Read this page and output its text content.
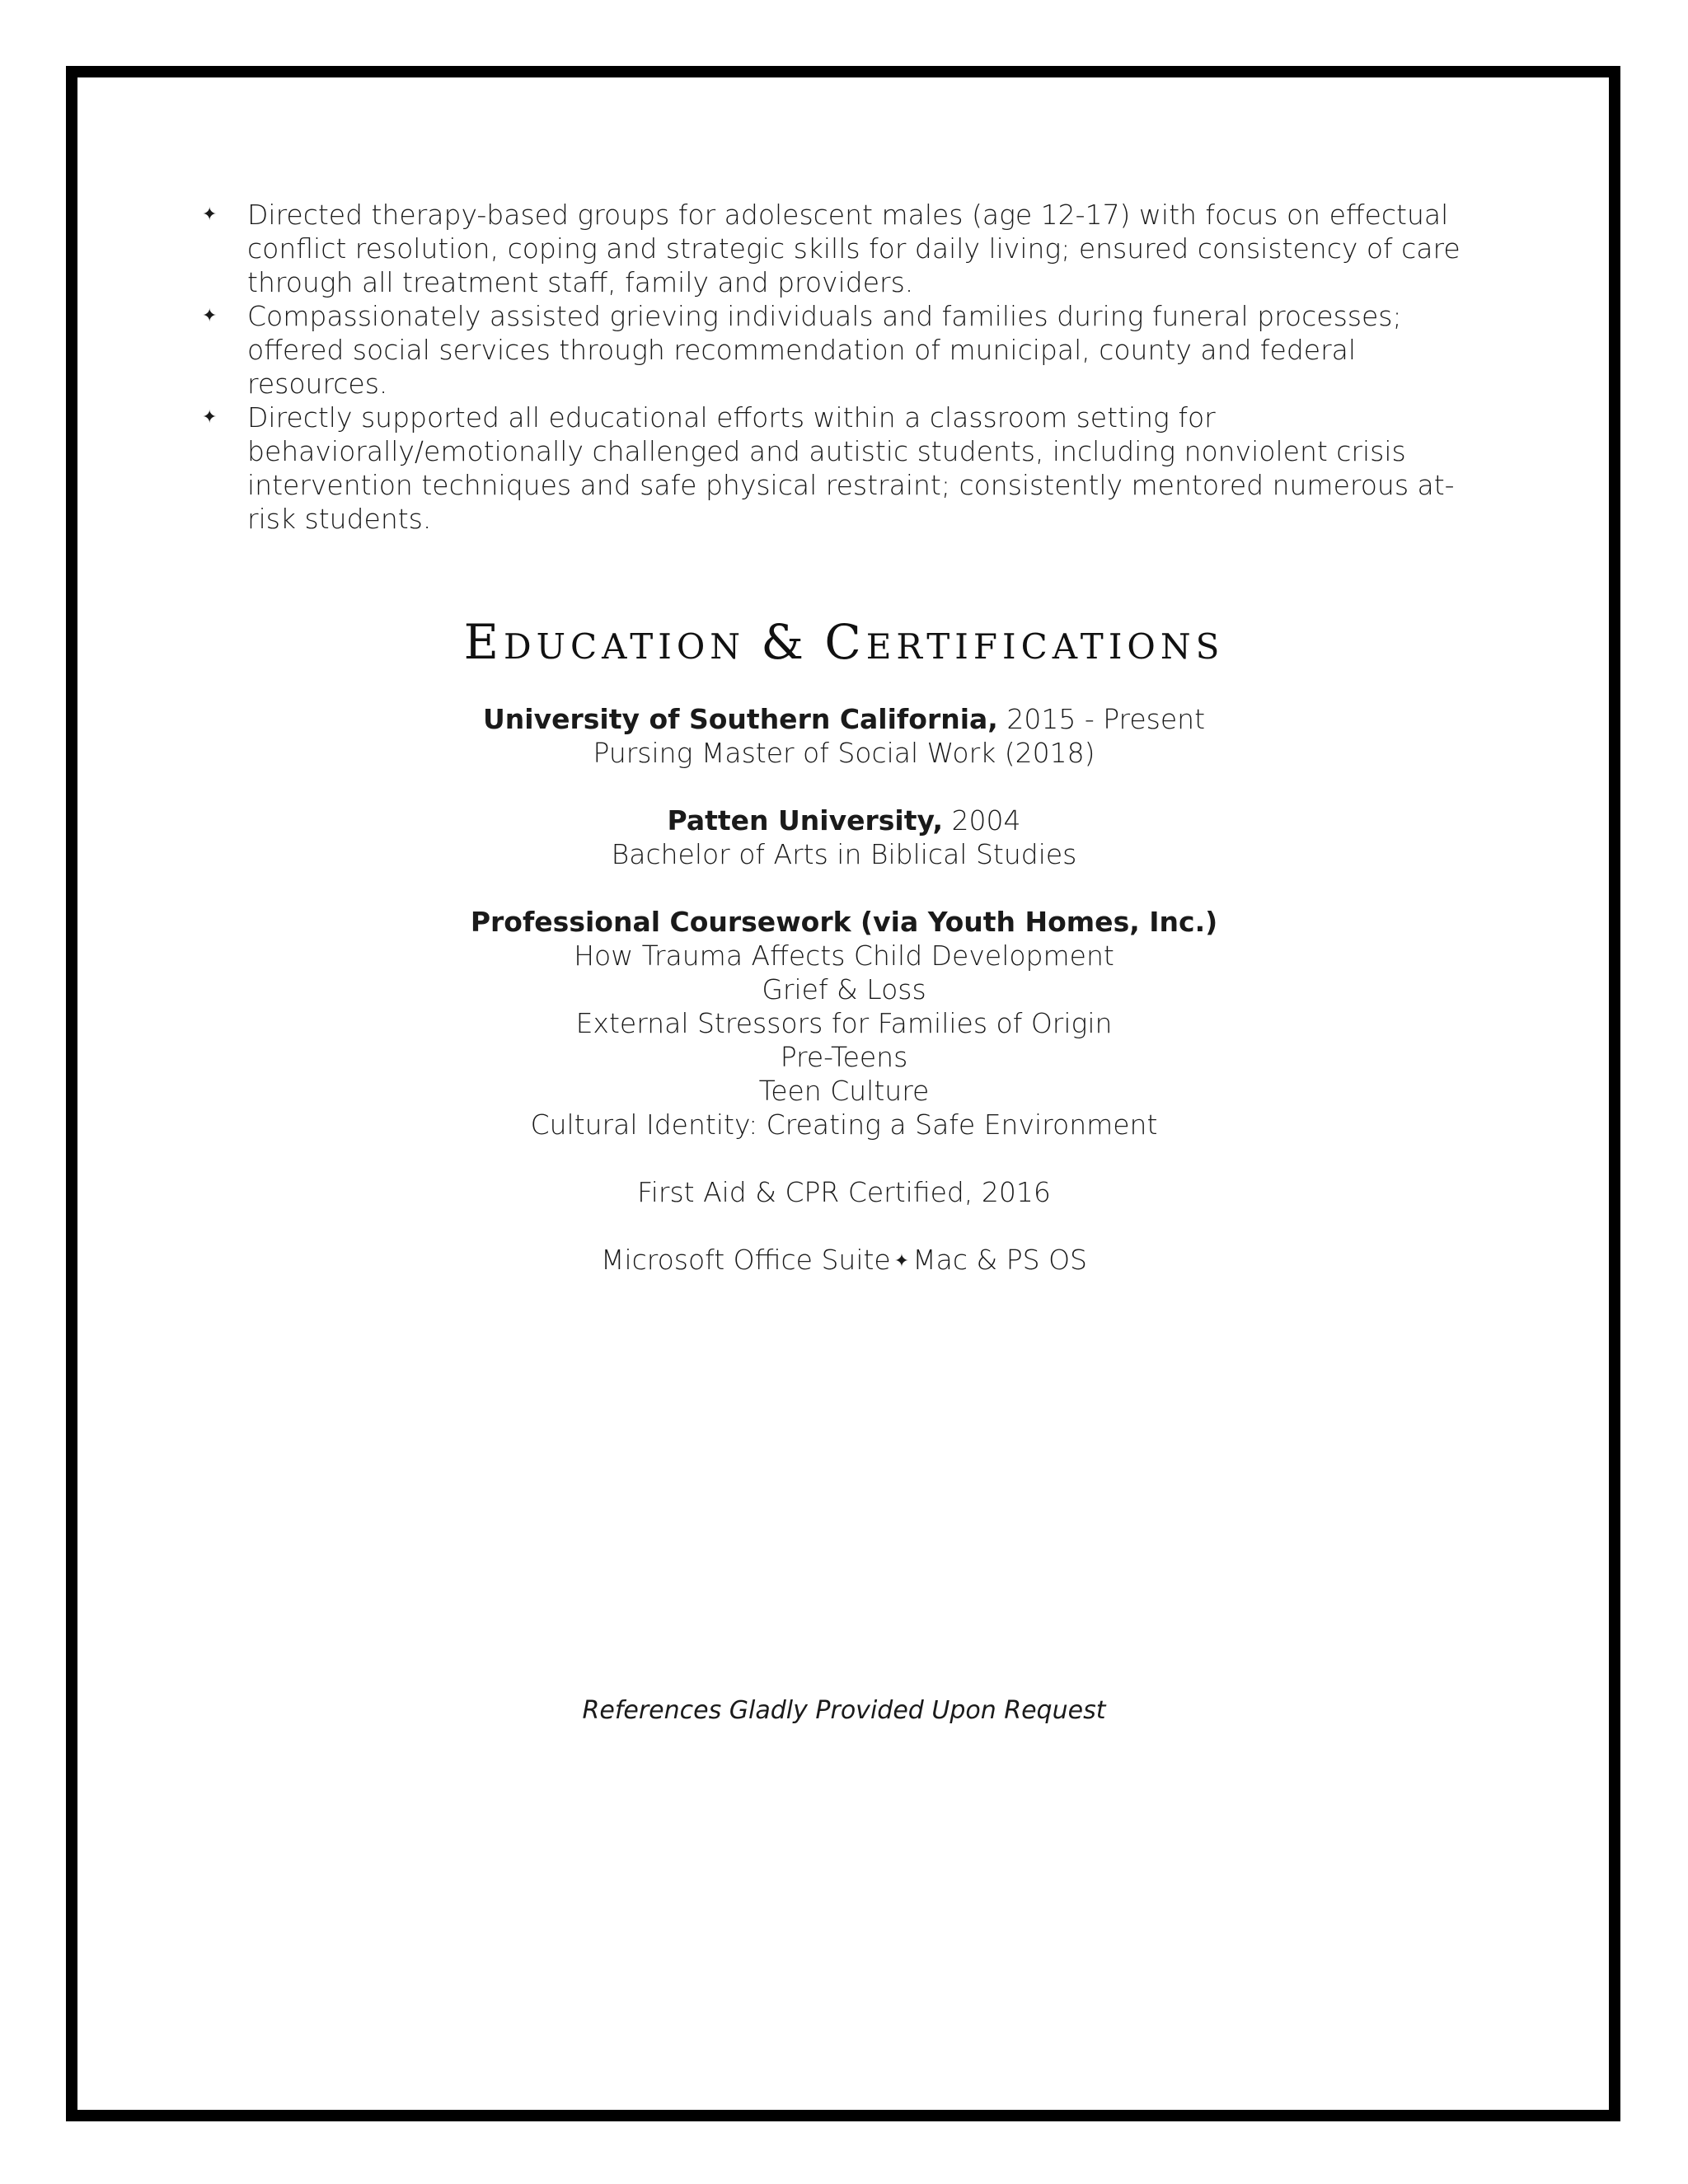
✦ Directed therapy-based groups for adolescent males (age 12-17) with focus on effectual conflict resolution, coping and strategic skills for daily living; ensured consistency of care through all treatment staff, family and providers.
✦ Compassionately assisted grieving individuals and families during funeral processes; offered social services through recommendation of municipal, county and federal resources.
✦ Directly supported all educational efforts within a classroom setting for behaviorally/emotionally challenged and autistic students, including nonviolent crisis intervention techniques and safe physical restraint; consistently mentored numerous at-risk students.
EDUCATION & CERTIFICATIONS
University of Southern California, 2015 - Present
Pursing Master of Social Work (2018)
Patten University, 2004
Bachelor of Arts in Biblical Studies
Professional Coursework (via Youth Homes, Inc.)
How Trauma Affects Child Development
Grief & Loss
External Stressors for Families of Origin
Pre-Teens
Teen Culture
Cultural Identity: Creating a Safe Environment
First Aid & CPR Certified, 2016
Microsoft Office Suite ✦ Mac & PS OS
References Gladly Provided Upon Request
